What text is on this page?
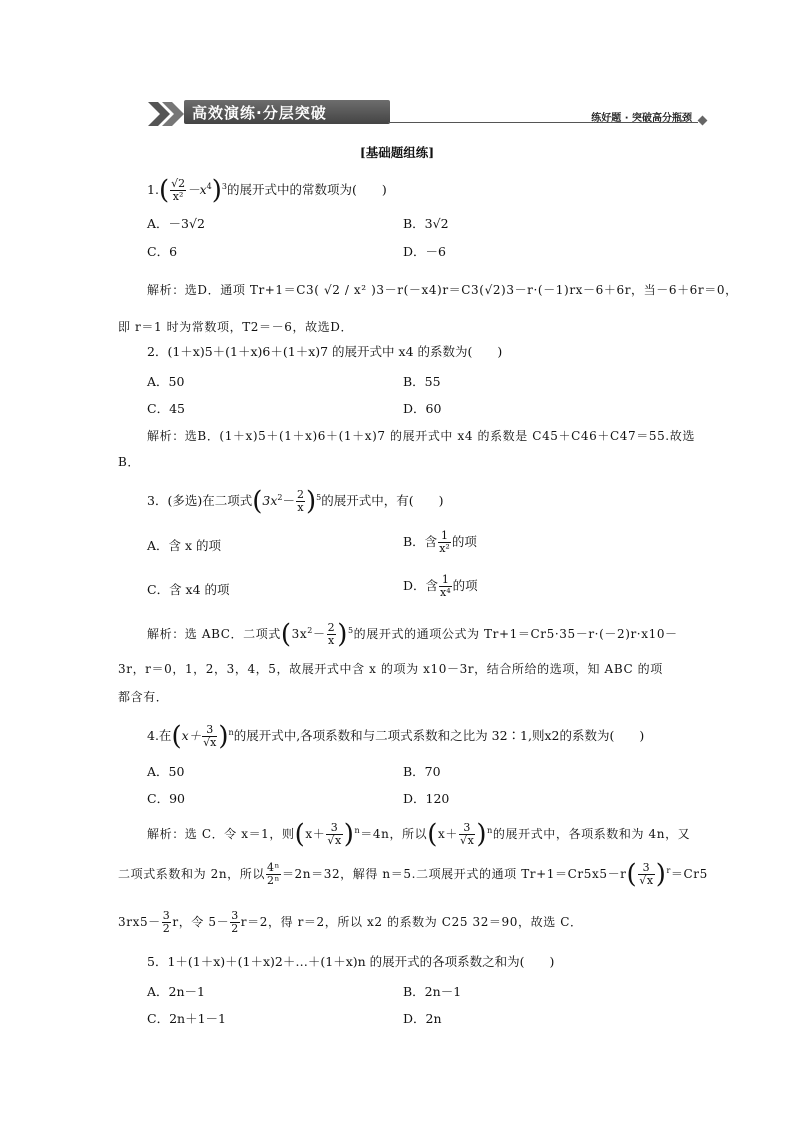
高效演练·分层突破	练好题 · 突破高分瓶颈
[基础题组练]
$1.( \frac{√2}{\text{x²}} -x^4)^3$的展开式中的常数项为(　　)
A．－3√2	B．3√2
C．6	D．－6
解析：选D．通项 Tr+1＝C3( √2 / x² )3－r(－x4)r＝C3(√2)3－r·(－1)rx－6＋6r，当－6＋6r＝0，
即 r＝1 时为常数项，T2＝－6，故选D．
2．(1＋x)5＋(1＋x)6＋(1＋x)7 的展开式中 x4 的系数为(　　)
A．50	B．55
C．45	D．60
解析：选B．(1＋x)5＋(1＋x)6＋(1＋x)7 的展开式中 x4 的系数是 C45＋C46＋C47＝55.故选
B．
3．(多选)在二项式$(3x^2- \frac{2}{x} )^5$的展开式中，有(　　)
A．含 x 的项	B．含 $\frac{1}{\text{x²}}$ 的项
C．含 x4 的项	D．含 $\frac{1}{\text{x⁴}}$ 的项
解析：选 ABC．二项式$(3x^2- \frac{2}{x} )^5$的展开式的通项公式为 Tr+1＝Cr5·35－r·(－2)r·x10－
3r，r＝0，1，2，3，4，5，故展开式中含 x 的项为 x10－3r，结合所给的选项，知 ABC 的项
都含有．
4.在$(x+ \frac{3}{√x} )^n$的展开式中,各项系数和与二项式系数和之比为 32∶1,则x2的系数为(　　)
A．50	B．70
C．90	D．120
解析：选 C．令 x＝1，则$(x+ \frac{3}{√x} )^n=4n$，所以$(x+ \frac{3}{√x} )^n$的展开式中，各项系数和为 4n，又
二项式系数和为 2n，所以 $\frac{\text{4ⁿ}}{\text{2ⁿ}} =2n=32$，解得 n＝5.二项展开式的通项 $Tr+1=Cr5x5-r( \frac{3}{√x} )^r=Cr5$
$3rx5- \frac{3}{2}$ r，令 $5- \frac{3}{2} r=2$，得 r＝2，所以 x2 的系数为 C25 32＝90，故选 C．
5．1＋(1＋x)＋(1＋x)2＋…＋(1＋x)n 的展开式的各项系数之和为(　　)
A．2n－1	B．2n－1
C．2n＋1－1	D．2n
